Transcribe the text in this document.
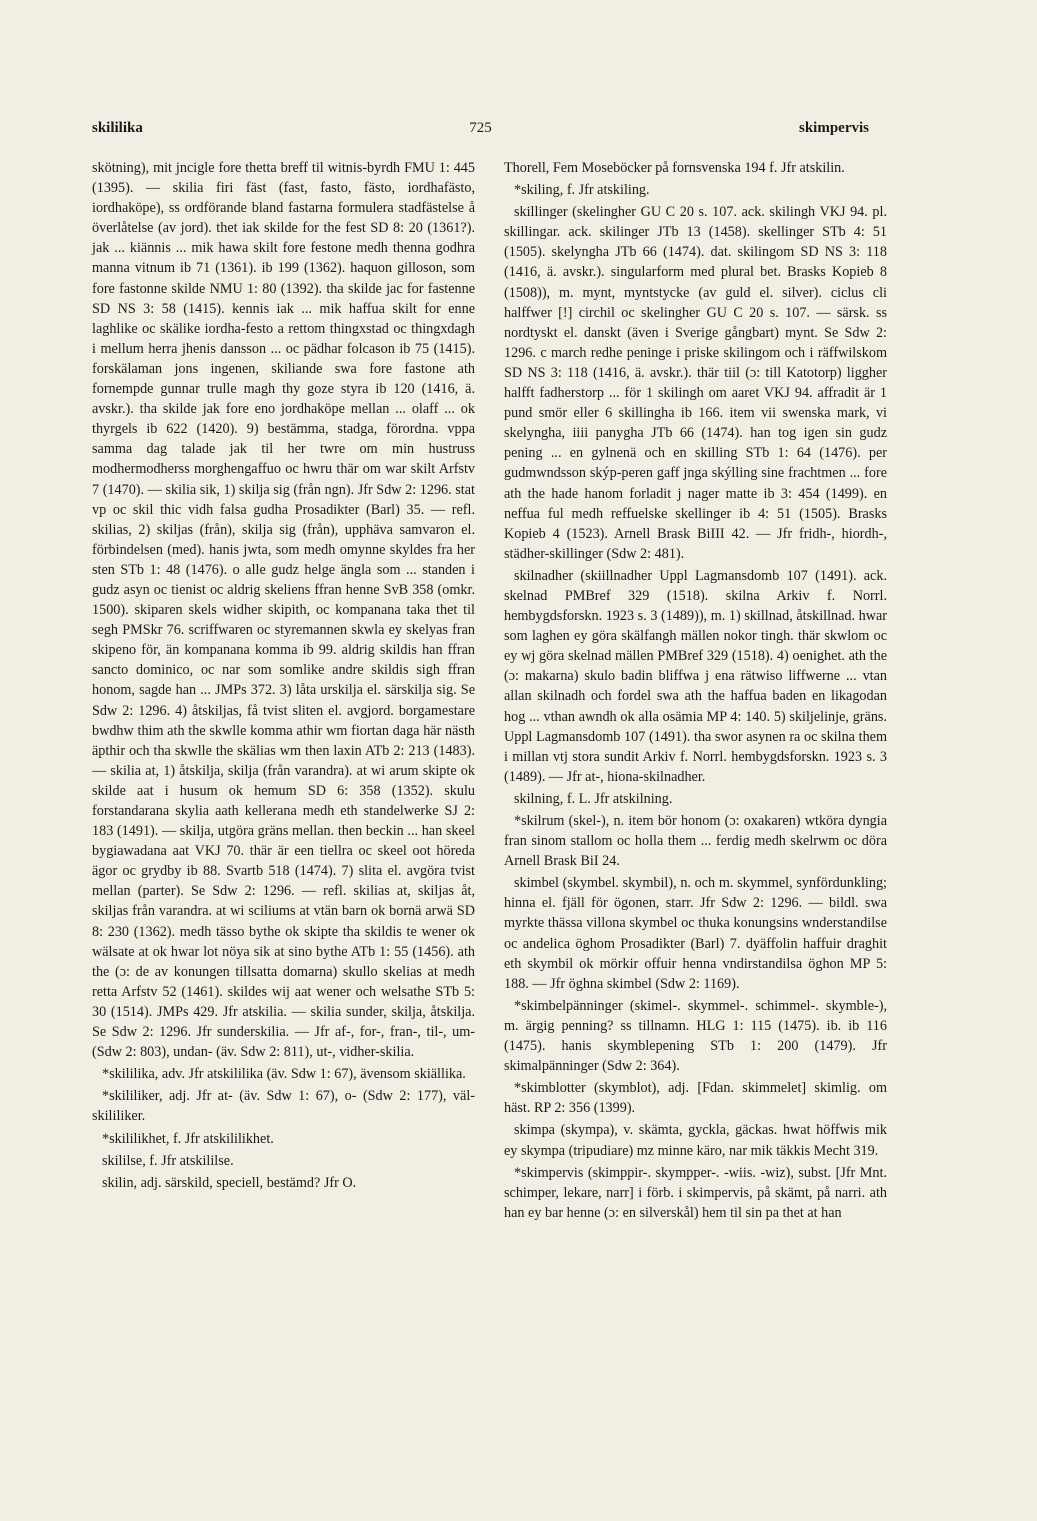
skililika	725	skimpervis

skötning), mit jncigle fore thetta breff til witnis-byrdh FMU 1: 445 (1395). — skilia firi fäst (fast, fasto, fästo, iordhafästo, iordhaköpe), ss ordförande bland fastarna formulera stadfästelse å överlåtelse (av jord). thet iak skilde for the fest SD 8: 20 (1361?). jak ... kiännis ... mik hawa skilt fore festone medh thenna godhra manna vitnum ib 71 (1361). ib 199 (1362). haquon gilloson, som fore fastonne skilde NMU 1: 80 (1392). tha skilde jac for fastenne SD NS 3: 58 (1415). kennis iak ... mik haffua skilt for enne laghlike oc skälike iordha-festo a rettom thingxstad oc thingxdagh i mellum herra jhenis dansson ... oc pädhar folcason ib 75 (1415). forskälaman jons ingenen, skiliande swa fore fastone ath fornempde gunnar trulle magh thy goze styra ib 120 (1416, ä. avskr.). tha skilde jak fore eno jordhaköpe mellan ... olaff ... ok thyrgels ib 622 (1420). 9) bestämma, stadga, förordna. vppa samma dag talade jak til her twre om min hustruss modhermodherss morghengaffuo oc hwru thär om war skilt Arfstv 7 (1470). — skilia sik, 1) skilja sig (från ngn). Jfr Sdw 2: 1296. stat vp oc skil thic vidh falsa gudha Prosadikter (Barl) 35. — refl. skilias, 2) skiljas (från), skilja sig (från), upphäva samvaron el. förbindelsen (med). hanis jwta, som medh omynne skyldes fra her sten STb 1: 48 (1476). o alle gudz helge ängla som ... standen i gudz asyn oc tienist oc aldrig skeliens ffran henne SvB 358 (omkr. 1500). skiparen skels widher skipith, oc kompanana taka thet til segh PMSkr 76. scriffwaren oc styremannen skwla ey skelyas fran skipeno för, än kompanana komma ib 99. aldrig skildis han ffran sancto dominico, oc nar som somlike andre skildis sigh ffran honom, sagde han ... JMPs 372. 3) låta urskilja el. särskilja sig. Se Sdw 2: 1296. 4) åtskiljas, få tvist sliten el. avgjord. borgamestare bwdhw thim ath the skwlle komma athir wm fiortan daga här nästh äpthir och tha skwlle the skälias wm then laxin ATb 2: 213 (1483). — skilia at, 1) åtskilja, skilja (från varandra). at wi arum skipte ok skilde aat i husum ok hemum SD 6: 358 (1352). skulu forstandarana skylia aath kellerana medh eth standelwerke SJ 2: 183 (1491). — skilja, utgöra gräns mellan. then beckin ... han skeel bygiawadana aat VKJ 70. thär är een tiellra oc skeel oot höreda ägor oc grydby ib 88. Svartb 518 (1474). 7) slita el. avgöra tvist mellan (parter). Se Sdw 2: 1296. — refl. skilias at, skiljas åt, skiljas från varandra. at wi sciliums at vtän barn ok bornä arwä SD 8: 230 (1362). medh tässo bythe ok skipte tha skildis te wener ok wälsate at ok hwar lot nöya sik at sino bythe ATb 1: 55 (1456). ath the (ɔ: de av konungen tillsatta domarna) skullo skelias at medh retta Arfstv 52 (1461). skildes wij aat wener och welsathe STb 5: 30 (1514). JMPs 429. Jfr atskilia. — skilia sunder, skilja, åtskilja. Se Sdw 2: 1296. Jfr sunderskilia. — Jfr af-, for-, fran-, til-, um- (Sdw 2: 803), undan- (äv. Sdw 2: 811), ut-, vidher-skilia.

*skililika, adv. Jfr atskililika (äv. Sdw 1: 67), ävensom skiällika.

*skililiker, adj. Jfr at- (äv. Sdw 1: 67), o- (Sdw 2: 177), väl-skililiker.

*skililikhet, f. Jfr atskililikhet.

skililse, f. Jfr atskililse.

skilin, adj. särskild, speciell, bestämd? Jfr O.

Thorell, Fem Mosebӧcker på fornsvenska 194 f. Jfr atskilin.

*skiling, f. Jfr atskiling.

skillinger (skelingher GU C 20 s. 107. ack. skilingh VKJ 94. pl. skillingar. ack. skilinger JTb 13 (1458). skellinger STb 4: 51 (1505). skelyngha JTb 66 (1474). dat. skilingom SD NS 3: 118 (1416, ä. avskr.). singularform med plural bet. Brasks Kopieb 8 (1508)), m. mynt, myntstycke (av guld el. silver). ciclus cli halffwer [!] circhil oc skelingher GU C 20 s. 107. — särsk. ss nordtyskt el. danskt (även i Sverige gångbart) mynt. Se Sdw 2: 1296. c march redhe peninge i priske skilingom och i räffwilskom SD NS 3: 118 (1416, ä. avskr.). thär tiil (ɔ: till Katotorp) liggher halfft fadherstorp ... för 1 skilingh om aaret VKJ 94. affradit är 1 pund smör eller 6 skillingha ib 166. item vii swenska mark, vi skelyngha, iiii panygha JTb 66 (1474). han tog igen sin gudz pening ... en gylnenä och en skilling STb 1: 64 (1476). per gudmwndsson skýp-peren gaff jnga skýlling sine frachtmen ... fore ath the hade hanom forladit j nager matte ib 3: 454 (1499). en neffua ful medh reffuelske skellinger ib 4: 51 (1505). Brasks Kopieb 4 (1523). Arnell Brask BiIII 42. — Jfr fridh-, hiordh-, städher-skillinger (Sdw 2: 481).

skilnadher (skiillnadher Uppl Lagmansdomb 107 (1491). ack. skelnad PMBref 329 (1518). skilna Arkiv f. Norrl. hembygdsforskn. 1923 s. 3 (1489)), m. 1) skillnad, åtskillnad. hwar som laghen ey göra skälfangh mällen nokor tingh. thär skwlom oc ey wj göra skelnad mällen PMBref 329 (1518). 4) oenighet. ath the (ɔ: makarna) skulo badin bliffwa j ena rätwiso liffwerne ... vtan allan skilnadh och fordel swa ath the haffua baden en likagodan hog ... vthan awndh ok alla osämia MP 4: 140. 5) skiljelinje, gräns. Uppl Lagmansdomb 107 (1491). tha swor asynen ra oc skilna them i millan vtj stora sundit Arkiv f. Norrl. hembygdsforskn. 1923 s. 3 (1489). — Jfr at-, hiona-skilnadher.

skilning, f. L. Jfr atskilning.

*skilrum (skel-), n. item bör honom (ɔ: oxakaren) wtköra dyngia fran sinom stallom oc holla them ... ferdig medh skelrwm oc döra Arnell Brask BiI 24.

skimbel (skymbel. skymbil), n. och m. skymmel, synfördunkling; hinna el. fjäll för ögonen, starr. Jfr Sdw 2: 1296. — bildl. swa myrkte thässa villona skymbel oc thuka konungsins wnderstandilse oc andelica öghom Prosadikter (Barl) 7. dyäffolin haffuir draghit eth skymbil ok mörkir offuir henna vndirstandilsa öghon MP 5: 188. — Jfr öghna skimbel (Sdw 2: 1169).

*skimbelpänninger (skimel-. skymmel-. schimmel-. skymble-), m. ärgig penning? ss tillnamn. HLG 1: 115 (1475). ib. ib 116 (1475). hanis skymblepening STb 1: 200 (1479). Jfr skimalpänninger (Sdw 2: 364).

*skimblotter (skymblot), adj. [Fdan. skimmelet] skimlig. om häst. RP 2: 356 (1399).

skimpa (skympa), v. skämta, gyckla, gäckas. hwat höffwis mik ey skympa (tripudiare) mz minne käro, nar mik täkkis Mecht 319.

*skimpervis (skimppir-. skympper-. -wiis. -wiz), subst. [Jfr Mnt. schimper, lekare, narr] i förb. i skimpervis, på skämt, på narri. ath han ey bar henne (ɔ: en silverskål) hem til sin pa thet at han
